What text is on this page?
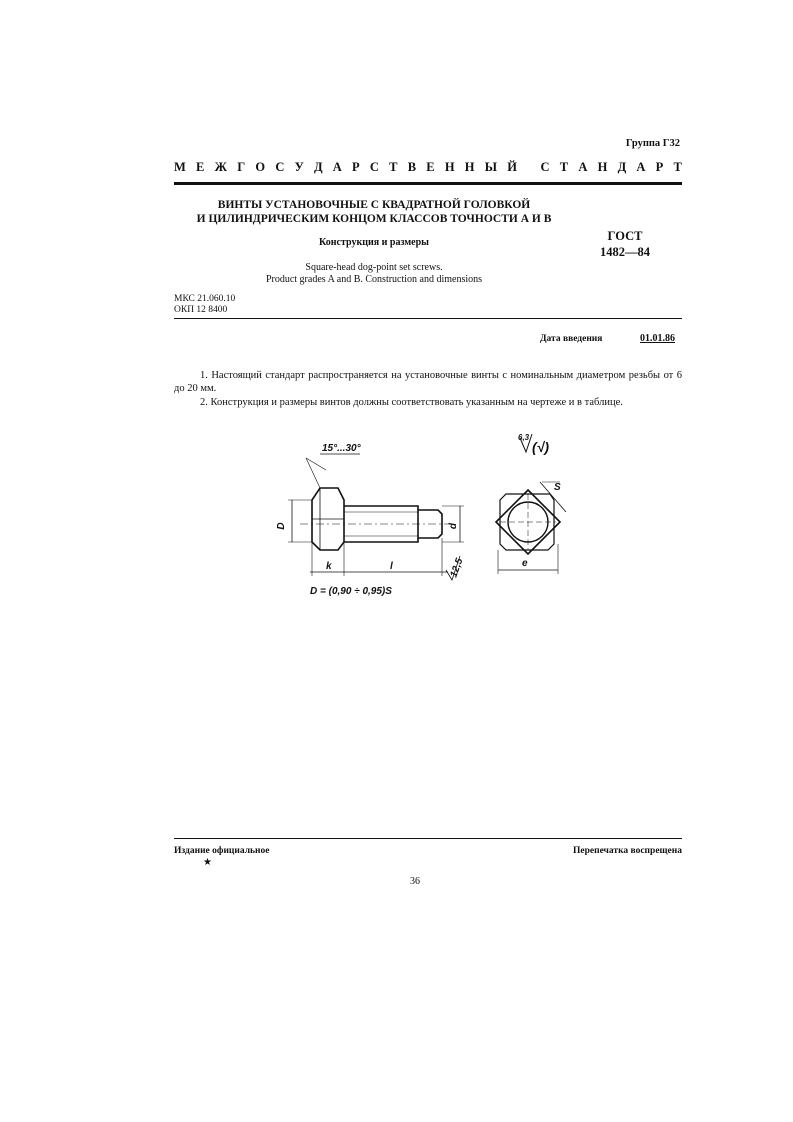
Группа Г32
М Е Ж Г О С У Д А Р С Т В Е Н Н Ы Й
С Т А Н Д А Р Т
ВИНТЫ УСТАНОВОЧНЫЕ С КВАДРАТНОЙ ГОЛОВКОЙ
И ЦИЛИНДРИЧЕСКИМ КОНЦОМ КЛАССОВ ТОЧНОСТИ А И В
Конструкция и размеры	ГОСТ
1482—84
Square-head dog-point set screws.
Product grades A and B. Construction and dimensions
МКС 21.060.10
ОКП 12 8400
Дата введения	01.01.86
1. Настоящий стандарт распространяется на установочные винты с номинальным диаметром резьбы от 6 до 20 мм.
2. Конструкция и размеры винтов должны соответствовать указанным на чертеже и в таблице.
15°...30°
D	d
k	l	12,5
D = (0,90 ÷ 0,95)S
S
e
6,3
(√)
Издание официальное	Перепечатка воспрещена
★
36
